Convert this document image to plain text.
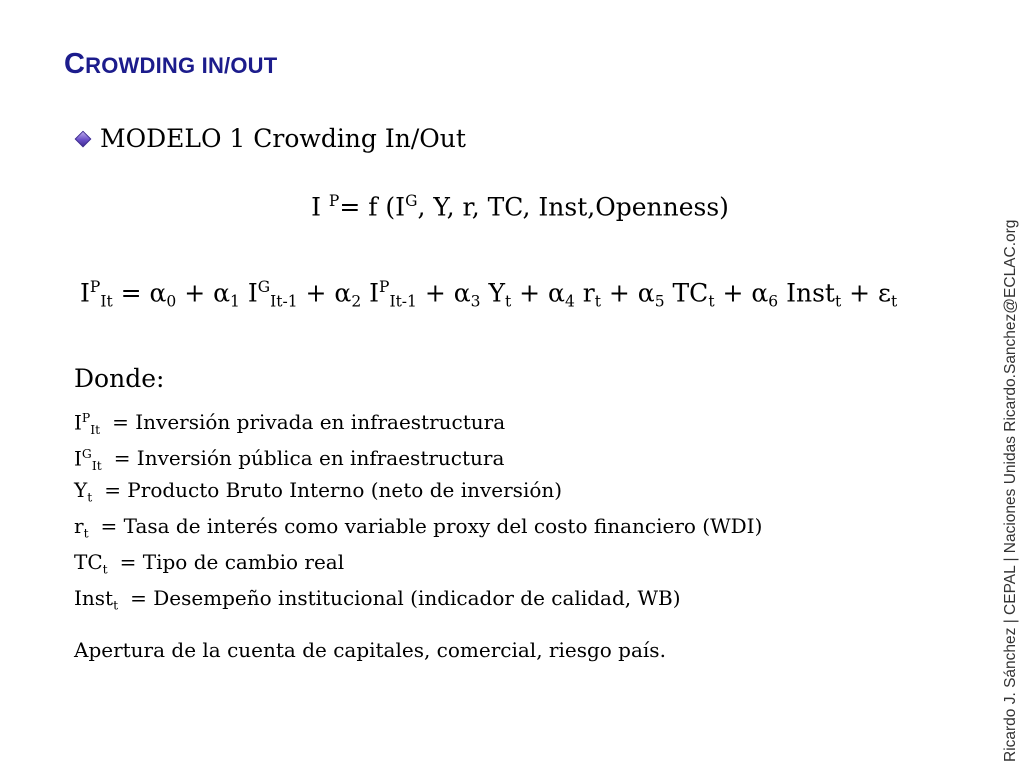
CROWDING IN/OUT
MODELO 1 Crowding In/Out
I $^P$= f ($I^G$, Y, r, TC, Inst,Openness)
$I^P_{It} = \alpha_0 + \alpha_1$ $I^G_{It-1} + \alpha_2$ $I^P_{It-1} + \alpha_3$ $Y_t + \alpha_4$ $r_t + \alpha_5$ $TC_t + \alpha_6$ Inst$_t$ + $\varepsilon_t$
Donde:
$I^P_{It}$ = Inversión privada en infraestructura
$I^G_{It}$ = Inversión pública en infraestructura
$Y_t$ = Producto Bruto Interno (neto de inversión)
$r_t$ = Tasa de interés como variable proxy del costo financiero (WDI)
$TC_t$ = Tipo de cambio real
Inst$_t$ = Desempeño institucional (indicador de calidad, WB)
Apertura de la cuenta de capitales, comercial, riesgo país.	Ricardo J. Sánchez | CEPAL | Naciones Unidas Ricardo.Sanchez@ECLAC.org
